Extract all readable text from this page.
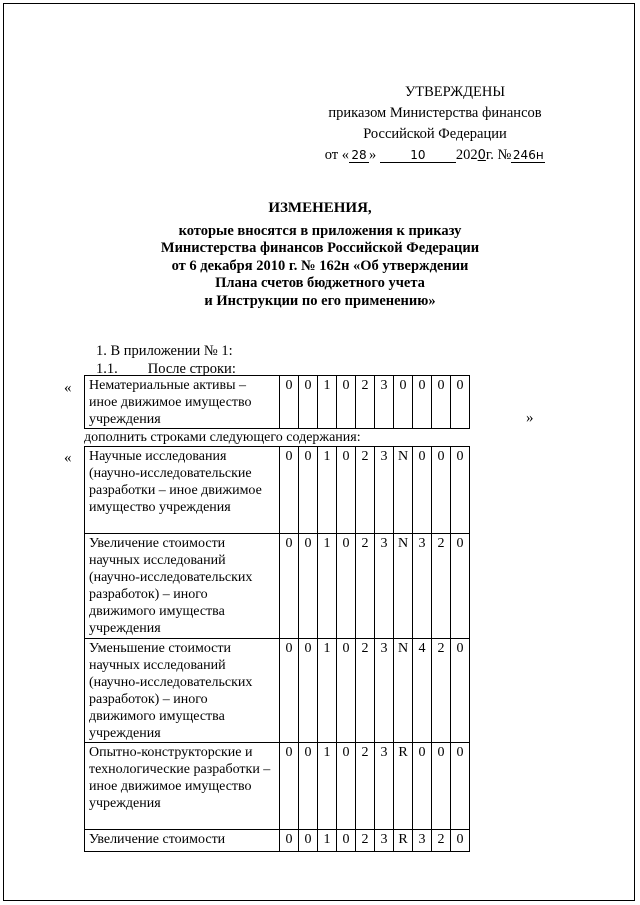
УТВЕРЖДЕНЫ
приказом Министерства финансов
Российской Федерации
от « 28 »	10 2020г. № 246н
ИЗМЕНЕНИЯ,
которые вносятся в приложения к приказу
Министерства финансов Российской Федерации
от 6 декабря 2010 г. № 162н «Об утверждении
Плана счетов бюджетного учета
и Инструкции по его применению»
1. В приложении № 1:
1.1. После строки:
«
»
Нематериальные активы – иное движимое имущество учреждения	0	0	1	0	2	3	0	0	0	0
дополнить строками следующего содержания:
« Научные исследования (научно-исследовательские разработки – иное движимое имущество учреждения	0	0	1	0	2	3	N	0	0	0
Увеличение стоимости научных исследований (научно-исследовательских разработок) – иного движимого имущества учреждения	0	0	1	0	2	3	N	3	2	0
Уменьшение стоимости научных исследований (научно-исследовательских разработок) – иного движимого имущества учреждения	0	0	1	0	2	3	N	4	2	0
Опытно-конструкторские и технологические разработки – иное движимое имущество учреждения	0	0	1	0	2	3	R	0	0	0
Увеличение стоимости	0	0	1	0	2	3	R	3	2	0
